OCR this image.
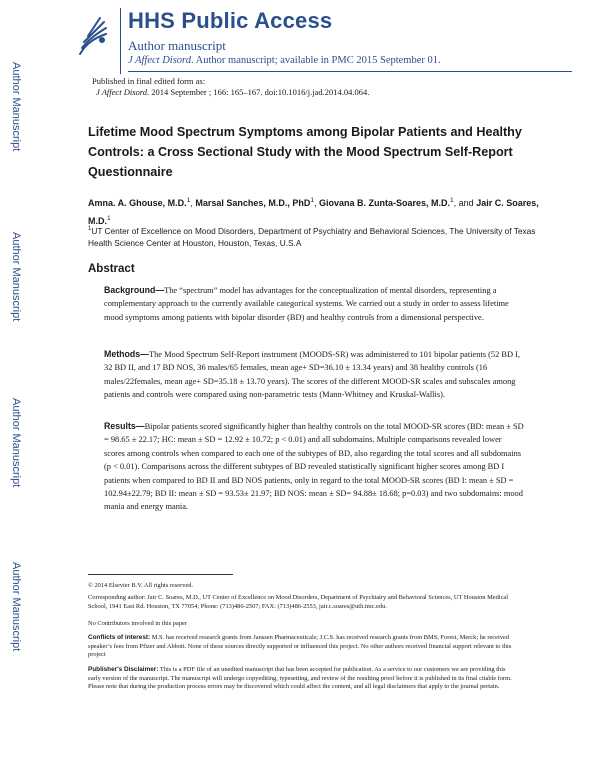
HHS Public Access
Author manuscript
J Affect Disord. Author manuscript; available in PMC 2015 September 01.
Author Manuscript
Author Manuscript
Author Manuscript
Author Manuscript
Published in final edited form as:
J Affect Disord. 2014 September ; 166: 165–167. doi:10.1016/j.jad.2014.04.064.
Lifetime Mood Spectrum Symptoms among Bipolar Patients and Healthy Controls: a Cross Sectional Study with the Mood Spectrum Self-Report Questionnaire
Amna. A. Ghouse, M.D.$^1$, Marsal Sanches, M.D., PhD$^1$, Giovana B. Zunta-Soares, M.D.$^1$, and Jair C. Soares, M.D.$^1$
$^1$UT Center of Excellence on Mood Disorders, Department of Psychiatry and Behavioral Sciences, The University of Texas Health Science Center at Houston, Houston, Texas, U.S.A
Abstract
Background—The “spectrum” model has advantages for the conceptualization of mental disorders, representing a complementary approach to the currently available categorical systems. We carried out a study in order to assess lifetime mood symptoms among patients with bipolar disorder (BD) and healthy controls from a dimensional perspective.
Methods—The Mood Spectrum Self-Report instrument (MOODS-SR) was administered to 101 bipolar patients (52 BD I, 32 BD II, and 17 BD NOS, 36 males/65 females, mean age+ SD=36.10 ± 13.34 years) and 38 healthy controls (16 males/22females, mean age+ SD=35.18 ± 13.70 years). The scores of the different MOOD-SR scales and subscales among patients and controls were compared using non-parametric tests (Mann-Whitney and Kruskal-Wallis).
Results—Bipolar patients scored significantly higher than healthy controls on the total MOOD-SR scores (BD: mean ± SD = 98.65 ± 22.17; HC: mean ± SD = 12.92 ± 10.72; p < 0.01) and all subdomains. Multiple comparisons revealed lower scores among controls when compared to each one of the subtypes of BD, also regarding the total scores and all subdomains (p < 0.01). Comparisons across the different subtypes of BD revealed statistically significant higher scores among BD I patients when compared to BD II and BD NOS patients, only in regard to the total MOOD-SR scores (BD I: mean ± SD = 102.94±22.79; BD II: mean ± SD = 93.53± 21.97; BD NOS: mean ± SD= 94.88± 18.68; p=0.03) and two subdomains: mood mania and energy mania.
© 2014 Elsevier B.V. All rights reserved.
Corresponding author: Jair C. Soares, M.D., UT Center of Excellence on Mood Disorders, Department of Psychiatry and Behavioral Sciences, UT Houston Medical School, 1941 East Rd. Houston, TX 77054; Phone: (713)486-2507; FAX: (713)486-2553, jair.c.soares@uth.tmc.edu.
No Contributors involved in this paper
Conflicts of interest: M.S. has received research grants from Janssen Pharmaceuticals; J.C.S. has received research grants from BMS, Forest, Merck; he received speaker’s fees from Pfizer and Abbott. None of these sources directly supported or influenced this project. No other authors received financial support relevant to this project
Publisher's Disclaimer: This is a PDF file of an unedited manuscript that has been accepted for publication. As a service to our customers we are providing this early version of the manuscript. The manuscript will undergo copyediting, typesetting, and review of the resulting proof before it is published in its final citable form. Please note that during the production process errors may be discovered which could affect the content, and all legal disclaimers that apply to the journal pertain.
